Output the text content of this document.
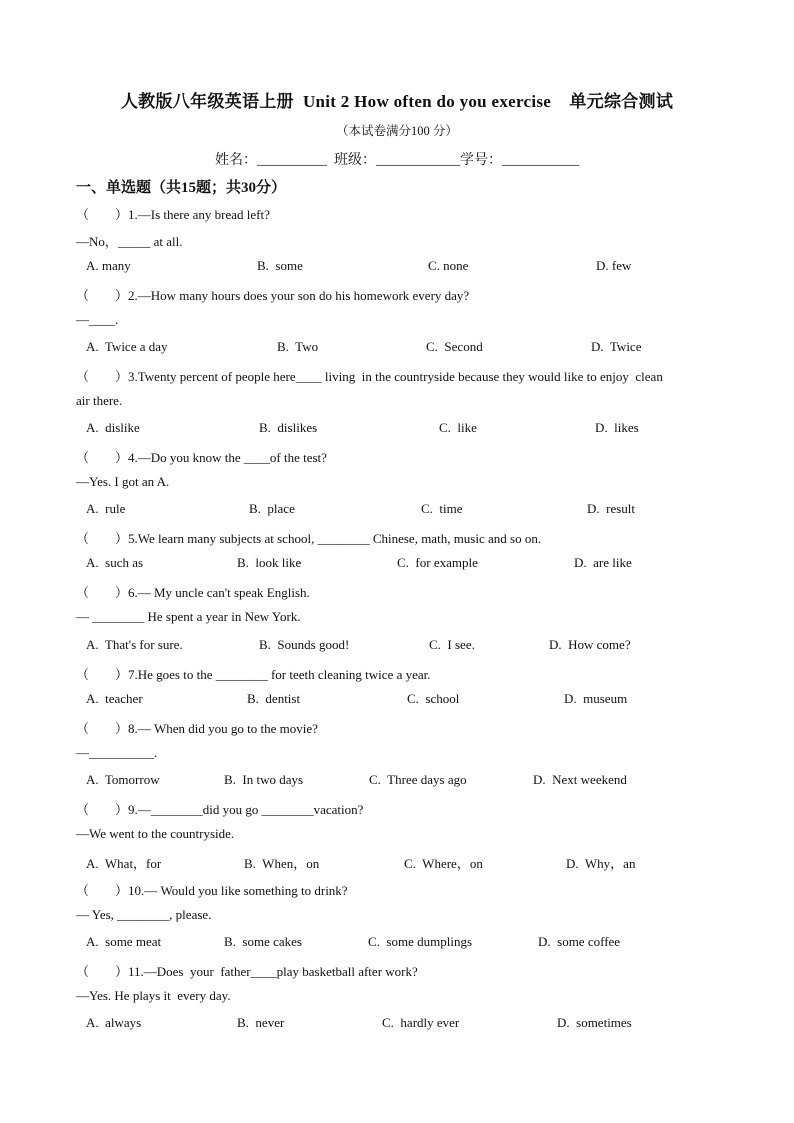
人教版八年级英语上册  Unit 2 How often do you exercise    单元综合测试
（本试卷满分100 分）
姓名：__________  班级：____________学号：___________
一、单选题（共15题；共30分）
（        ）1.—Is there any bread left?
—No，_____ at all.
A. many	B.  some	C. none	D. few
（        ）2.—How many hours does your son do his homework every day?
—____.
A.  Twice a day	B.  Two	C.  Second	D.  Twice
（        ）3.Twenty percent of people here____ living  in the countryside because they would like to enjoy  clean
air there.
A.  dislike	B.  dislikes	C.  like	D.  likes
（        ）4.—Do you know the ____of the test?
—Yes. I got an A.
A.  rule	B.  place	C.  time	D.  result
（        ）5.We learn many subjects at school, ________ Chinese, math, music and so on.
A.  such as	B.  look like	C.  for example	D.  are like
（        ）6.— My uncle can't speak English.
— ________ He spent a year in New York.
A.  That's for sure.	B.  Sounds good!	C.  I see.	D.  How come?
（        ）7.He goes to the ________ for teeth cleaning twice a year.
A.  teacher	B.  dentist	C.  school	D.  museum
（        ）8.— When did you go to the movie?
—__________.
A.  Tomorrow	B.  In two days	C.  Three days ago	D.  Next weekend
（        ）9.—________did you go ________vacation?
—We went to the countryside.
A.  What，for	B.  When，on	C.  Where，on	D.  Why，an
（        ）10.— Would you like something to drink?
— Yes, ________, please.
A.  some meat	B.  some cakes	C.  some dumplings	D.  some coffee
（        ）11.—Does  your  father____play basketball after work?
—Yes. He plays it  every day.
A.  always	B.  never	C.  hardly ever	D.  sometimes
